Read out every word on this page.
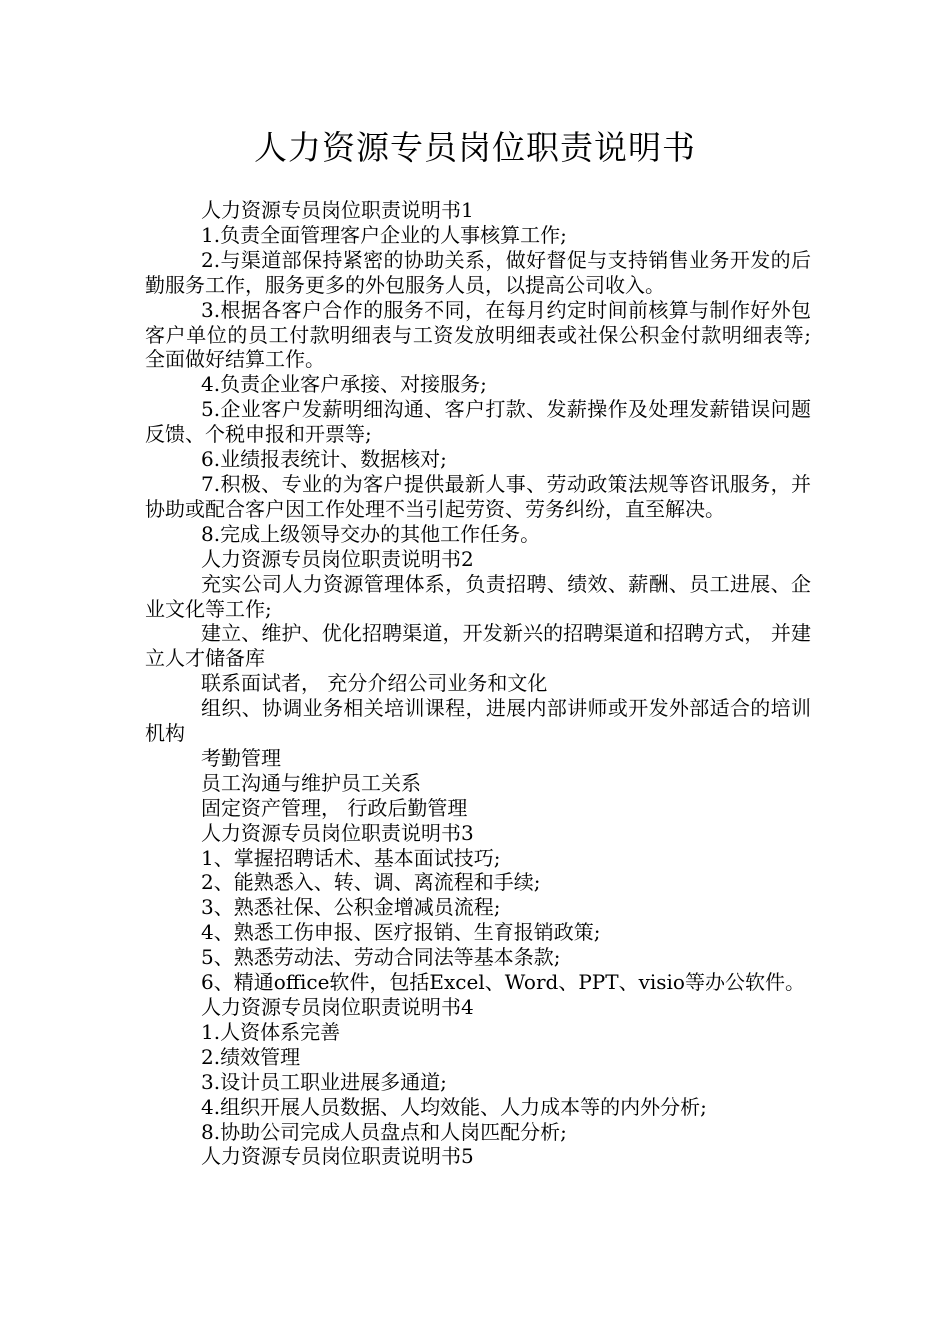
人力资源专员岗位职责说明书

人力资源专员岗位职责说明书1

1.负责全面管理客户企业的人事核算工作;

2.与渠道部保持紧密的协助关系，做好督促与支持销售业务开发的后勤服务工作，服务更多的外包服务人员，以提高公司收入。

3.根据各客户合作的服务不同，在每月约定时间前核算与制作好外包客户单位的员工付款明细表与工资发放明细表或社保公积金付款明细表等;全面做好结算工作。

4.负责企业客户承接、对接服务;

5.企业客户发薪明细沟通、客户打款、发薪操作及处理发薪错误问题反馈、个税申报和开票等;

6.业绩报表统计、数据核对;

7.积极、专业的为客户提供最新人事、劳动政策法规等咨讯服务，并协助或配合客户因工作处理不当引起劳资、劳务纠纷，直至解决。

8.完成上级领导交办的其他工作任务。

人力资源专员岗位职责说明书2

充实公司人力资源管理体系，负责招聘、绩效、薪酬、员工进展、企业文化等工作;

建立、维护、优化招聘渠道，开发新兴的招聘渠道和招聘方式， 并建立人才储备库

联系面试者， 充分介绍公司业务和文化

组织、协调业务相关培训课程，进展内部讲师或开发外部适合的培训机构

考勤管理

员工沟通与维护员工关系

固定资产管理， 行政后勤管理

人力资源专员岗位职责说明书3

1、掌握招聘话术、基本面试技巧;

2、能熟悉入、转、调、离流程和手续;

3、熟悉社保、公积金增减员流程;

4、熟悉工伤申报、医疗报销、生育报销政策;

5、熟悉劳动法、劳动合同法等基本条款;

6、精通office软件，包括Excel、Word、PPT、visio等办公软件。

人力资源专员岗位职责说明书4

1.人资体系完善

2.绩效管理

3.设计员工职业进展多通道;

4.组织开展人员数据、人均效能、人力成本等的内外分析;

8.协助公司完成人员盘点和人岗匹配分析;

人力资源专员岗位职责说明书5
